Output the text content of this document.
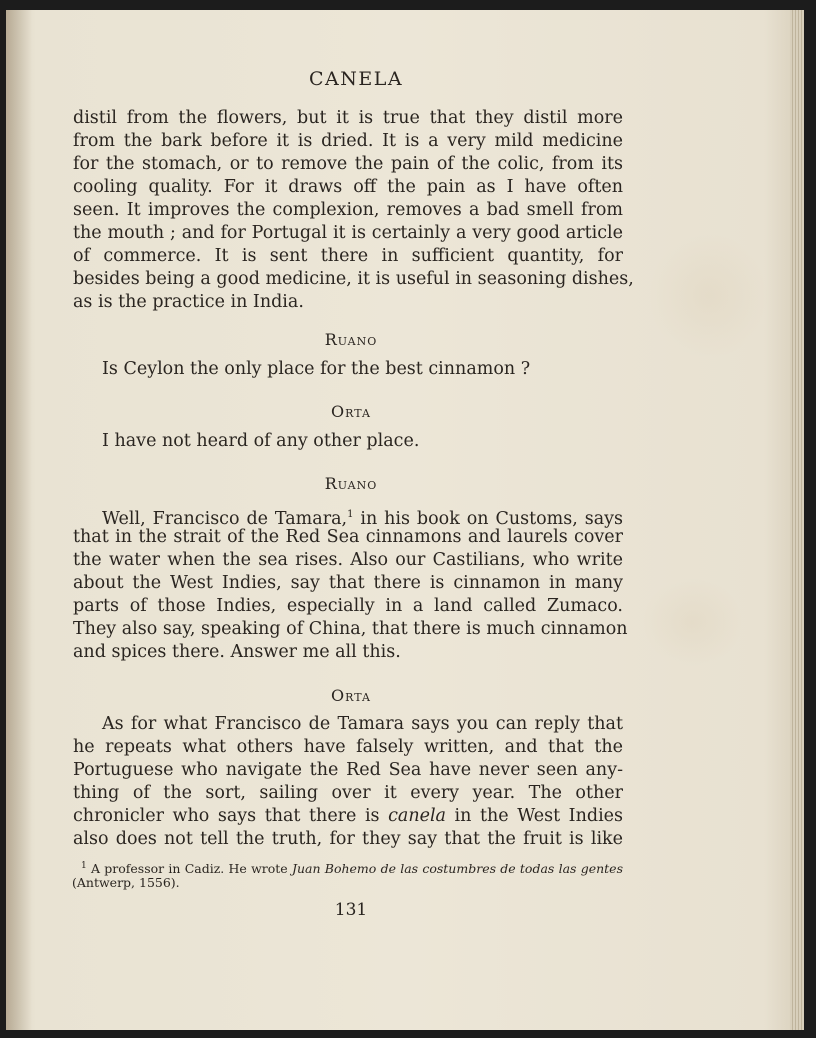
CANELA
distil from the flowers, but it is true that they distil more
from the bark before it is dried. It is a very mild medicine
for the stomach, or to remove the pain of the colic, from its
cooling quality. For it draws off the pain as I have often
seen. It improves the complexion, removes a bad smell from
the mouth ; and for Portugal it is certainly a very good article
of commerce. It is sent there in sufficient quantity, for
besides being a good medicine, it is useful in seasoning dishes,
as is the practice in India.
Ruano
Is Ceylon the only place for the best cinnamon ?
Orta
I have not heard of any other place.
Ruano
Well, Francisco de Tamara,$^1$ in his book on Customs, says
that in the strait of the Red Sea cinnamons and laurels cover
the water when the sea rises. Also our Castilians, who write
about the West Indies, say that there is cinnamon in many
parts of those Indies, especially in a land called Zumaco.
They also say, speaking of China, that there is much cinnamon
and spices there. Answer me all this.
Orta
As for what Francisco de Tamara says you can reply that
he repeats what others have falsely written, and that the
Portuguese who navigate the Red Sea have never seen any-
thing of the sort, sailing over it every year. The other
chronicler who says that there is canela in the West Indies
also does not tell the truth, for they say that the fruit is like
$^1$ A professor in Cadiz. He wrote Juan Bohemo de las costumbres de todas las gentes
(Antwerp, 1556).
131
